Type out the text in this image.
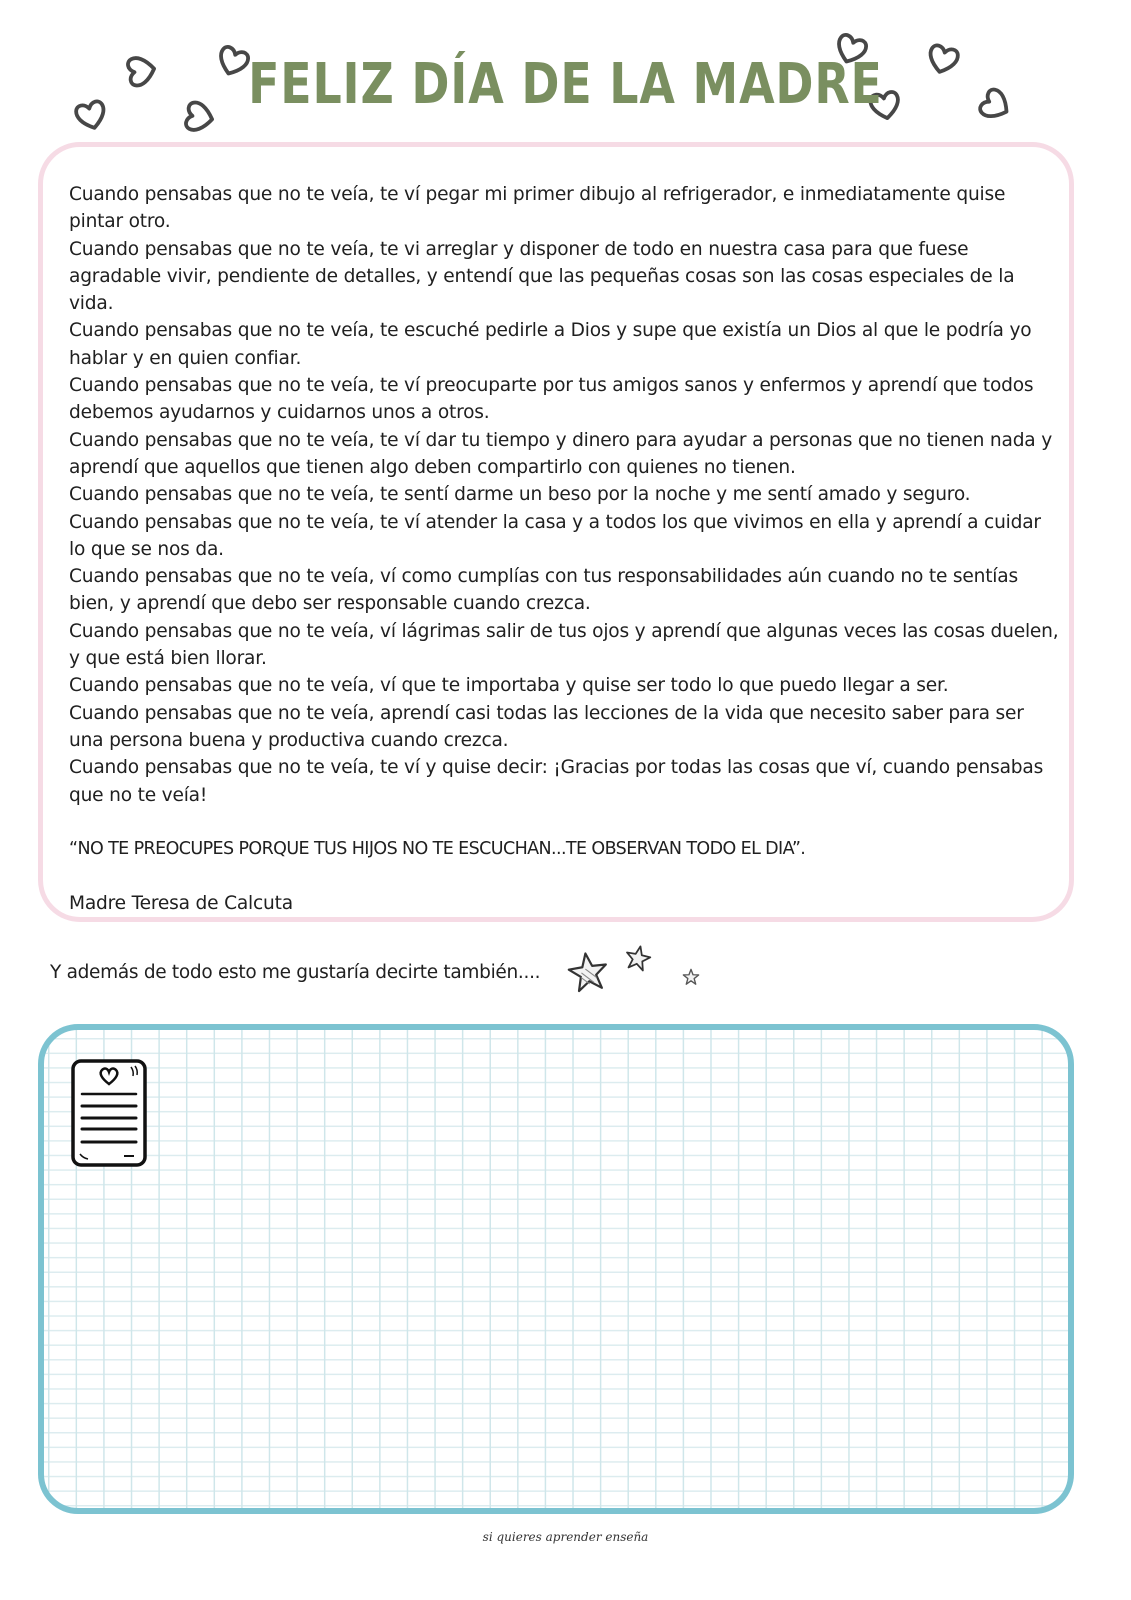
FELIZ DÍA DE LA MADRE

Cuando pensabas que no te veía, te ví pegar mi primer dibujo al refrigerador, e inmediatamente quise pintar otro.

Cuando pensabas que no te veía, te vi arreglar y disponer de todo en nuestra casa para que fuese agradable vivir, pendiente de detalles, y entendí que las pequeñas cosas son las cosas especiales de la vida.

Cuando pensabas que no te veía, te escuché pedirle a Dios y supe que existía un Dios al que le podría yo hablar y en quien confiar.

Cuando pensabas que no te veía, te ví preocuparte por tus amigos sanos y enfermos y aprendí que todos debemos ayudarnos y cuidarnos unos a otros.

Cuando pensabas que no te veía, te ví dar tu tiempo y dinero para ayudar a personas que no tienen nada y aprendí que aquellos que tienen algo deben compartirlo con quienes no tienen.

Cuando pensabas que no te veía, te sentí darme un beso por la noche y me sentí amado y seguro.

Cuando pensabas que no te veía, te ví atender la casa y a todos los que vivimos en ella y aprendí a cuidar lo que se nos da.

Cuando pensabas que no te veía, ví como cumplías con tus responsabilidades aún cuando no te sentías bien, y aprendí que debo ser responsable cuando crezca.

Cuando pensabas que no te veía, ví lágrimas salir de tus ojos y aprendí que algunas veces las cosas duelen, y que está bien llorar.

Cuando pensabas que no te veía, ví que te importaba y quise ser todo lo que puedo llegar a ser.

Cuando pensabas que no te veía, aprendí casi todas las lecciones de la vida que necesito saber para ser una persona buena y productiva cuando crezca.

Cuando pensabas que no te veía, te ví y quise decir: ¡Gracias por todas las cosas que ví, cuando pensabas que no te veía!

“NO TE PREOCUPES PORQUE TUS HIJOS NO TE ESCUCHAN...TE OBSERVAN TODO EL DIA”.

Madre Teresa de Calcuta

Y además de todo esto me gustaría decirte también....
si quieres aprender enseña
